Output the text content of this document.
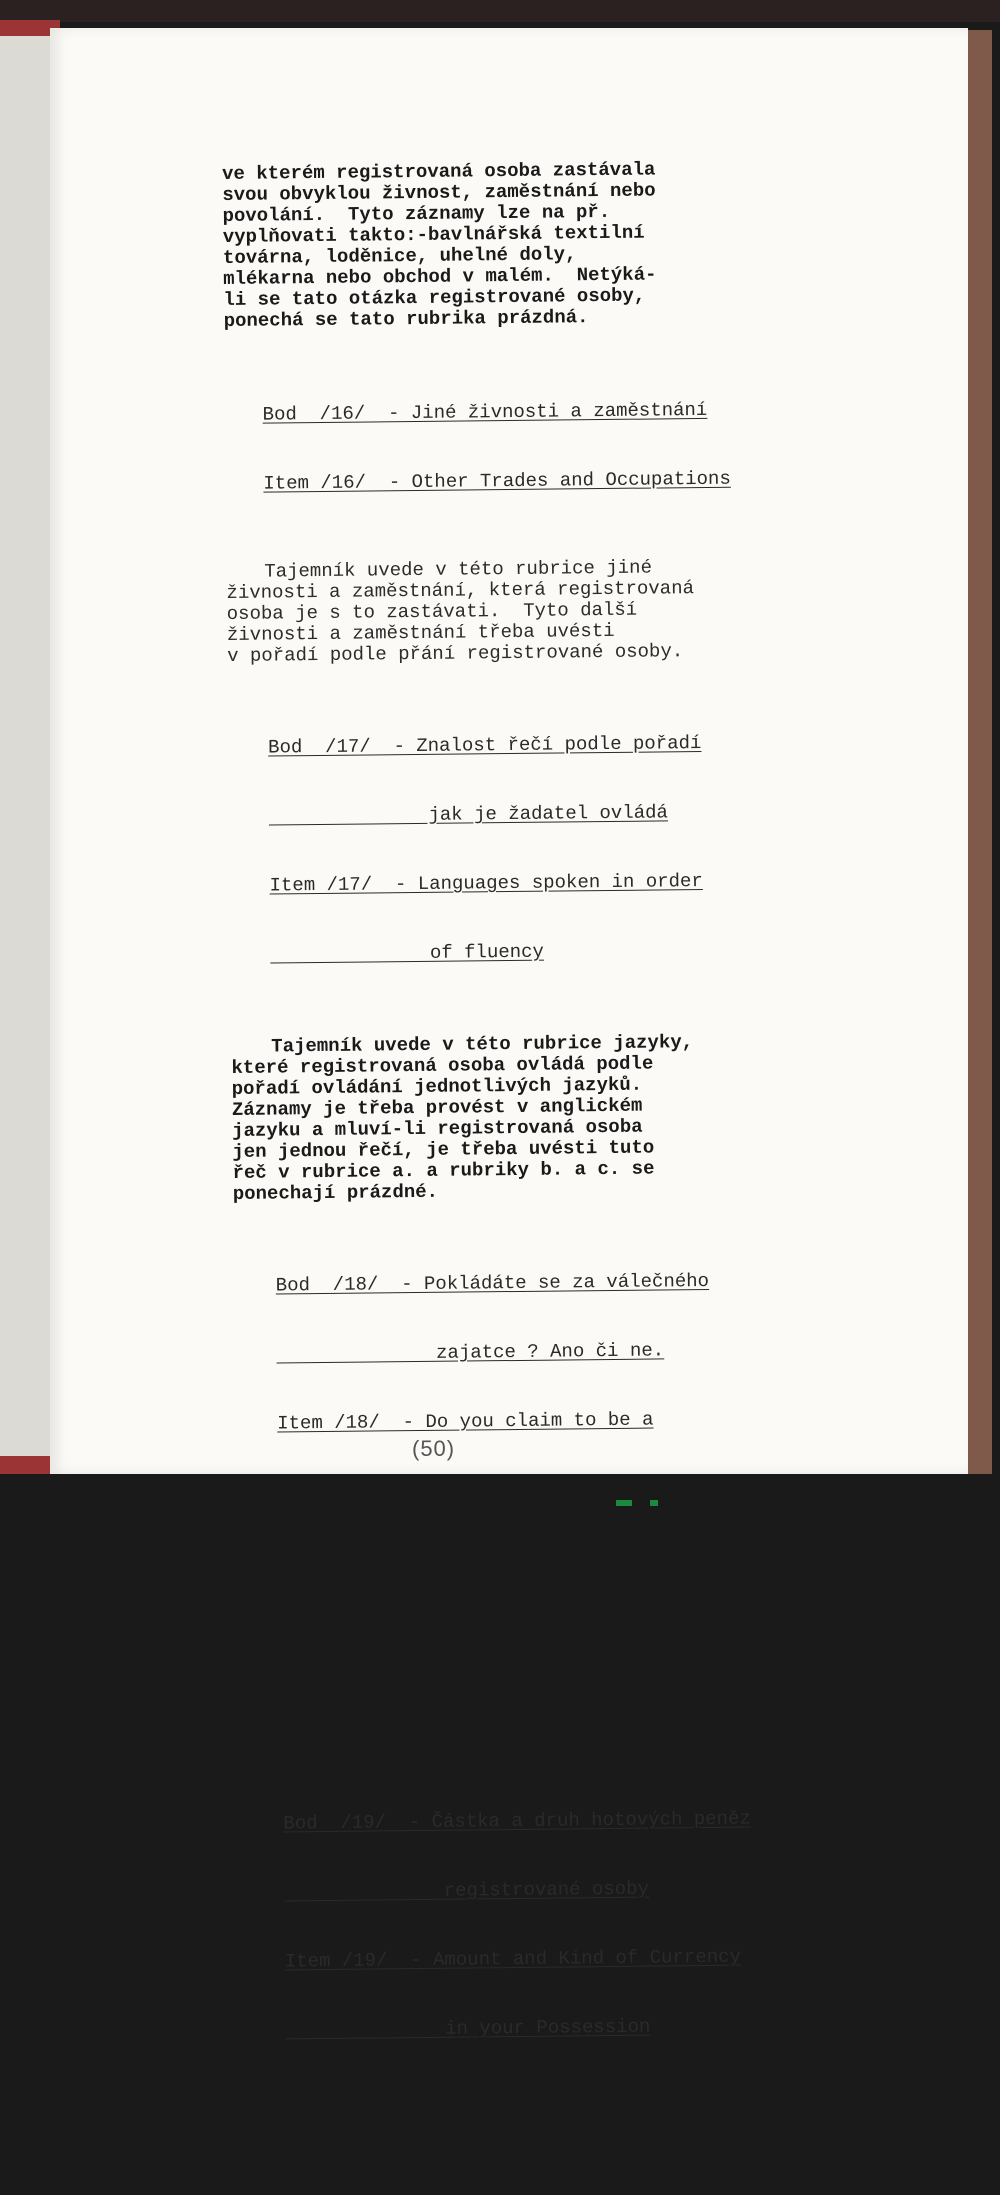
ve kterém registrovaná osoba zastávala
svou obvyklou živnost, zaměstnání nebo
povolání.  Tyto záznamy lze na př.
vyplňovati takto:-bavlnářská textilní
továrna, loděnice, uhelné doly,
mlékarna nebo obchod v malém.  Netýká-
li se tato otázka registrované osoby,
ponechá se tato rubrika prázdná.

Bod  /16/  - Jiné živnosti a zaměstnání

Item /16/  - Other Trades and Occupations

Tajemník uvede v této rubrice jiné
živnosti a zaměstnání, která registrovaná
osoba je s to zastávati.  Tyto další
živnosti a zaměstnání třeba uvésti
v pořadí podle přání registrované osoby.

Bod  /17/  - Znalost řečí podle pořadí

jak je žadatel ovládá

Item /17/  - Languages spoken in order

of fluency

Tajemník uvede v této rubrice jazyky,
které registrovaná osoba ovládá podle
pořadí ovládání jednotlivých jazyků.
Záznamy je třeba provést v anglickém
jazyku a mluví-li registrovaná osoba
jen jednou řečí, je třeba uvésti tuto
řeč v rubrice a. a rubriky b. a c. se
ponechají prázdné.

Bod  /18/  - Pokládáte se za válečného

zajatce ? Ano či ne.

Item /18/  - Do you claim to be a

Tajemník se zeptá registrované osoby,
zda se pokládá za válečného zajatce.
Odpověď se poznamená (✓) v příslušné
rubrice.  Nemůže-li registrovaná osoba
na tuto otázku odpověděti, nebo se jí
otázka zřejmě netýká, jako na příklad
jde-li o dítě, odškrtne tajemník (✓ )
rubriku nad tištěným slovem Ne.

Bod  /19/  - Částka a druh hotových peněz

registrované osoby

Item /19/  - Amount and Kind of Currency

in your Possession

Tajemník uvede v této rubrice částku
peněz, každé měny, kterou má registrovaná
osoba u sebe.  Bude se užívati patřičných
označení pro jednotlivé měny.
(50)
